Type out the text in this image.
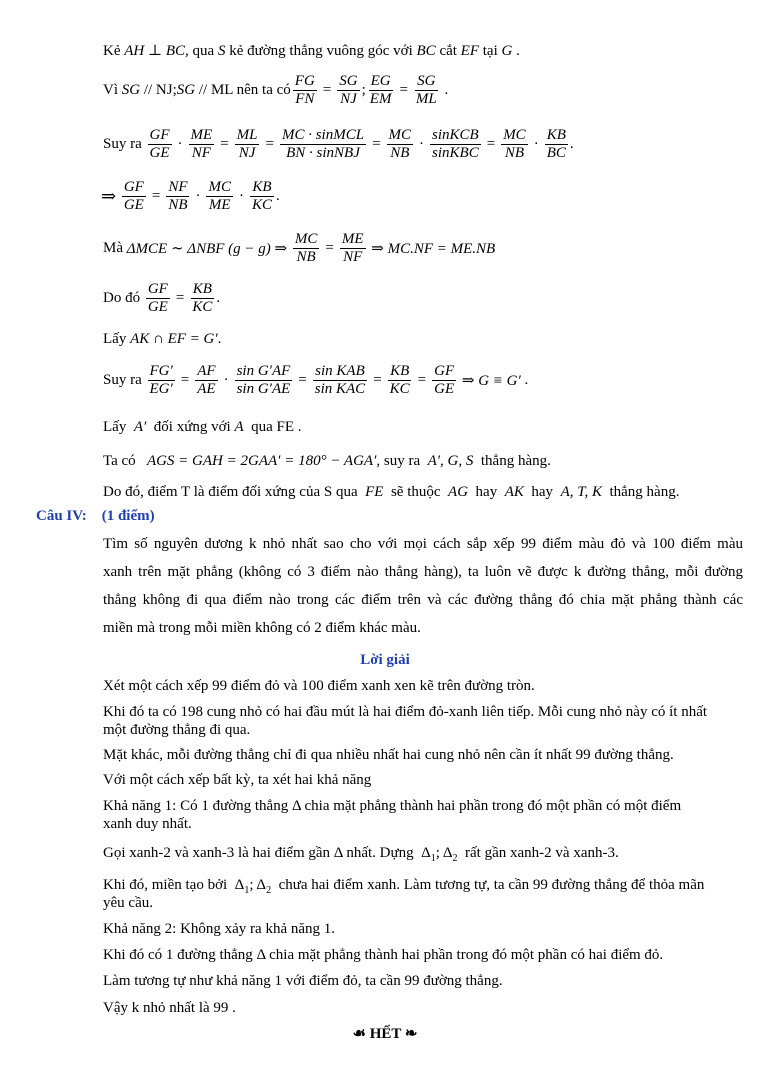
Kẻ AH ⊥ BC, qua S kẻ đường thẳng vuông góc với BC cắt EF tại G .
Vì
SG
// NJ; SG
// ML nên ta có $\frac{FG}{FN} = \frac{SG}{NJ}$ ; $\frac{EG}{EM} = \frac{SG}{ML}$ .
Suy ra
$\frac{GF}{GE} \cdot \frac{ME}{NF} = \frac{ML}{NJ} = \frac{\text{MC · sinMCL}}{\text{BN · sinNBJ}} = \frac{MC}{NB} \cdot \frac{\text{sinKCB}}{\text{sinKBC}} = \frac{MC}{NB} \cdot \frac{KB}{BC}$ .
⇒
$\frac{GF}{GE} = \frac{NF}{NB} \cdot \frac{MC}{ME} \cdot \frac{KB}{KC}$ .
Mà
ΔMCE ∼ ΔNBF (g − g) ⇒
$\frac{MC}{NB} = \frac{ME}{NF}$
⇒ MC.NF = ME.NB
Do đó
$\frac{GF}{GE} = \frac{KB}{KC}$ .
Lấy AK ∩ EF = G′.
Suy ra
$\frac{FG'}{EG'} = \frac{AF}{AE} \cdot \frac{\text{sin G′AF}}{\text{sin G′AE}} = \frac{\text{sin KAB}}{\text{sin KAC}} = \frac{KB}{KC} = \frac{GF}{GE}$
⇒ G ≡ G′ .
Lấy A′ đối xứng với A qua FE .
Ta có AGS = GAH = 2GAA′ = 180° − AGA′, suy ra A′, G, S thẳng hàng.
Do đó, điểm T là điểm đối xứng của S qua FE sẽ thuộc AG hay AK hay A, T, K thẳng hàng.
Câu IV: (1 điểm)
Tìm số nguyên dương k nhỏ nhất sao cho với mọi cách sắp xếp 99 điểm màu đỏ và 100 điểm màu
xanh trên mặt phẳng (không có 3 điểm nào thẳng hàng), ta luôn vẽ được k đường thẳng, mỗi đường
thẳng không đi qua điểm nào trong các điểm trên và các đường thẳng đó chia mặt phẳng thành các
miền mà trong mỗi miền không có 2 điểm khác màu.
Lời giải
Xét một cách xếp 99 điểm đỏ và 100 điểm xanh xen kẽ trên đường tròn.
Khi đó ta có 198 cung nhỏ có hai đầu mút là hai điểm đỏ-xanh liên tiếp. Mỗi cung nhỏ này có ít nhất
một đường thẳng đi qua.
Mặt khác, mỗi đường thẳng chỉ đi qua nhiều nhất hai cung nhỏ nên cần ít nhất 99 đường thẳng.
Với một cách xếp bất kỳ, ta xét hai khả năng
Khả năng 1: Có 1 đường thẳng Δ chia mặt phẳng thành hai phần trong đó một phần có một điểm
xanh duy nhất.
Gọi xanh-2 và xanh-3 là hai điểm gần Δ nhất. Dựng $\Delta_1$; $\Delta_2$ rất gần xanh-2 và xanh-3.
Khi đó, miền tạo bởi $\Delta_1$; $\Delta_2$ chưa hai điểm xanh. Làm tương tự, ta cần 99 đường thẳng để thỏa mãn
yêu cầu.
Khả năng 2: Không xảy ra khả năng 1.
Khi đó có 1 đường thẳng Δ chia mặt phẳng thành hai phần trong đó một phần có hai điểm đỏ.
Làm tương tự như khả năng 1 với điểm đỏ, ta cần 99 đường thẳng.
Vậy k nhỏ nhất là 99 .
☙ HẾT ❧
